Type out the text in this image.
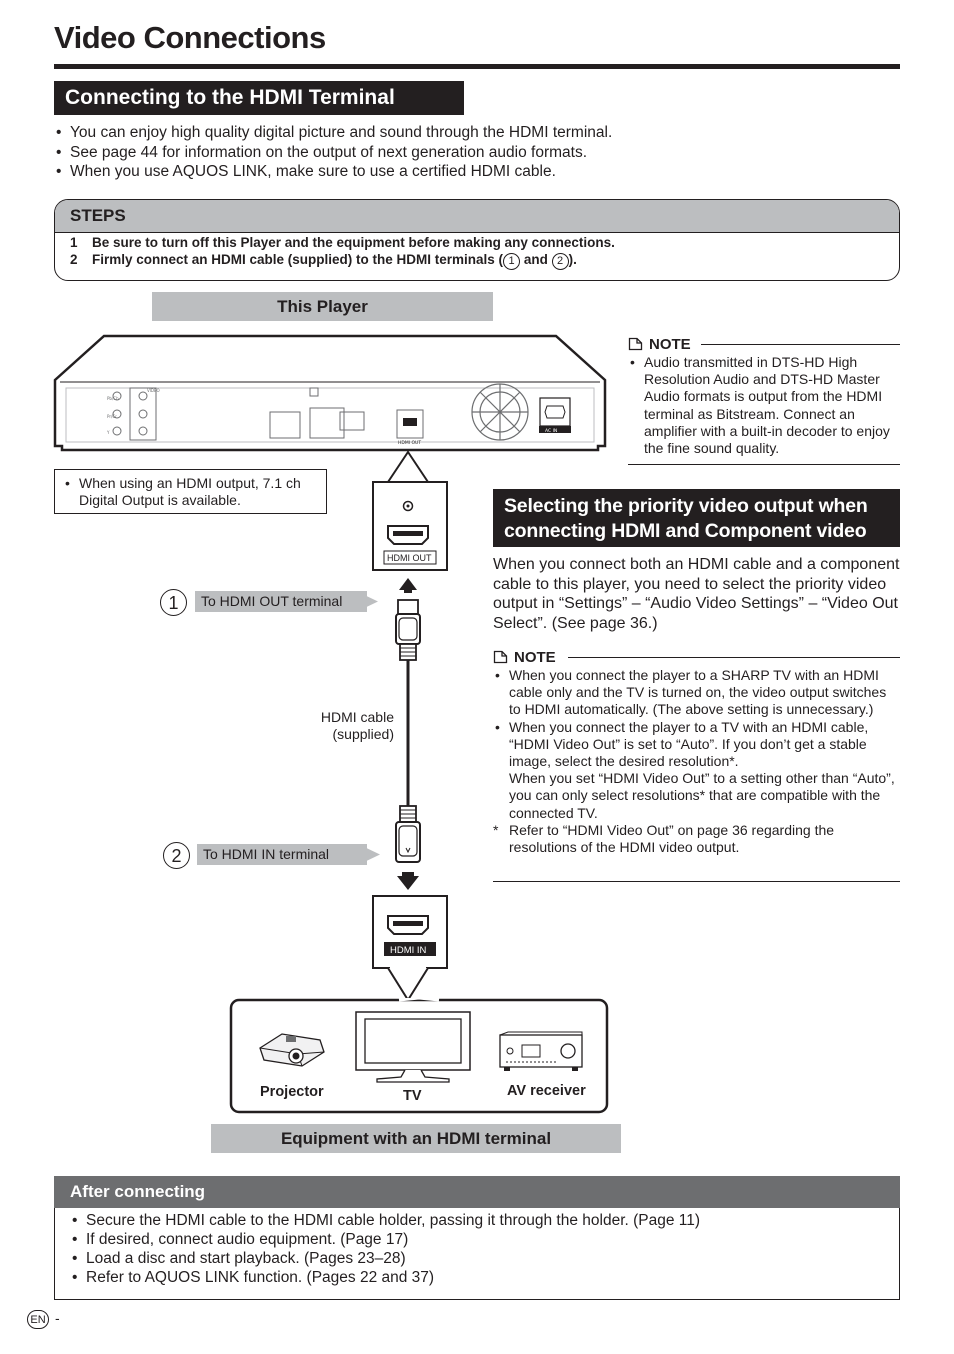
Video Connections
Connecting to the HDMI Terminal
• You can enjoy high quality digital picture and sound through the HDMI terminal.
• See page 44 for information on the output of next generation audio formats.
• When you use AQUOS LINK, make sure to use a certified HDMI cable.
STEPS
1 Be sure to turn off this Player and the equipment before making any connections.
2 Firmly connect an HDMI cable (supplied) to the HDMI terminals ( 1 and 2 ).
This Player
Pb/Cb
Pr/Cr
Y
VIDEO
HDMI OUT
AC IN
NOTE
• Audio transmitted in DTS-HD High Resolution Audio and DTS-HD Master Audio formats is output from the HDMI terminal as Bitstream. Connect an amplifier with a built-in decoder to enjoy the fine sound quality.
• When using an HDMI output, 7.1 ch Digital Output is available.
HDMI OUT
HDMI IN
1	To HDMI OUT terminal
HDMI cable
(supplied)
2	To HDMI IN terminal
Projector	TV	AV receiver
Equipment with an HDMI terminal
Selecting the priority video output when connecting HDMI and Component video
When you connect both an HDMI cable and a component cable to this player, you need to select the priority video output in “Settings” – “Audio Video Settings” – “Video Out Select”. (See page 36.)
NOTE
• When you connect the player to a SHARP TV with an HDMI cable only and the TV is turned on, the video output switches to HDMI automatically. (The above setting is unnecessary.)
• When you connect the player to a TV with an HDMI cable, “HDMI Video Out” is set to “Auto”. If you don’t get a stable image, select the desired resolution*.
When you set “HDMI Video Out” to a setting other than “Auto”, you can only select resolutions* that are compatible with the connected TV.
* Refer to “HDMI Video Out” on page 36 regarding the resolutions of the HDMI video output.
After connecting
• Secure the HDMI cable to the HDMI cable holder, passing it through the holder. (Page 11)
• If desired, connect audio equipment. (Page 17)
• Load a disc and start playback. (Pages 23–28)
• Refer to AQUOS LINK function. (Pages 22 and 37)
EN -
